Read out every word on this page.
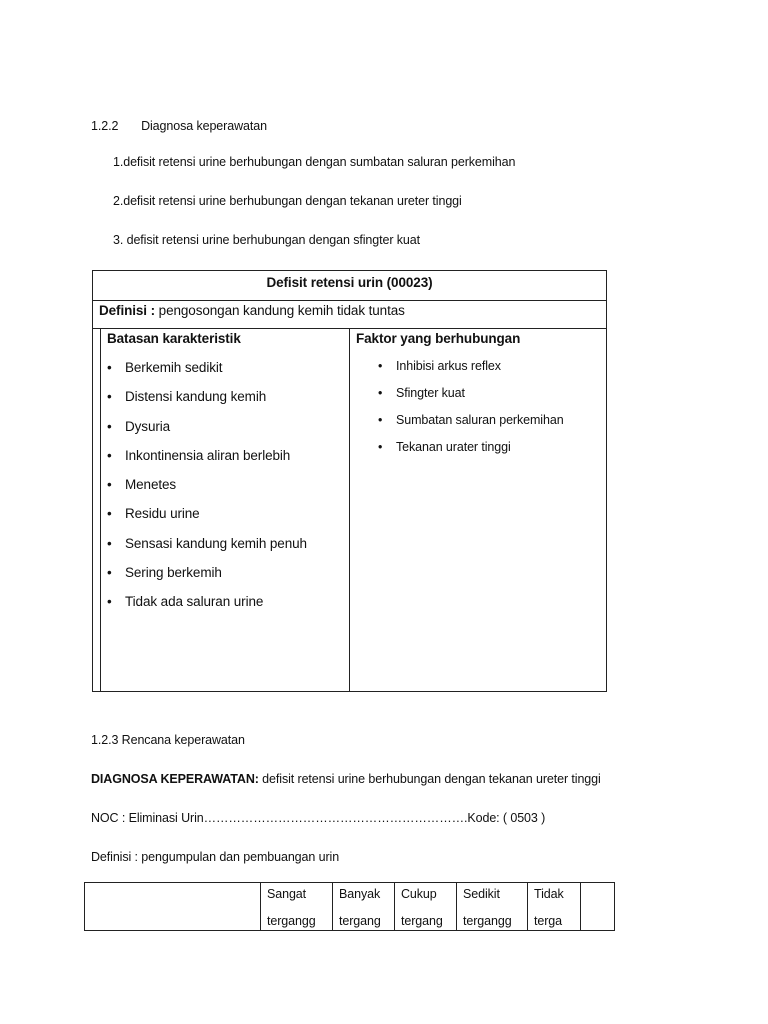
1.2.2 Diagnosa keperawatan
1.defisit retensi urine berhubungan dengan sumbatan saluran perkemihan
2.defisit retensi urine berhubungan dengan tekanan ureter tinggi
3. defisit retensi urine berhubungan dengan sfingter kuat
Defisit retensi urin (00023)
Definisi : pengosongan kandung kemih tidak tuntas
Batasan karakteristik
• Berkemih sedikit
• Distensi kandung kemih
• Dysuria
• Inkontinensia aliran berlebih
• Menetes
• Residu urine
• Sensasi kandung kemih penuh
• Sering berkemih
• Tidak ada saluran urine
Faktor yang berhubungan
• Inhibisi arkus reflex
• Sfingter kuat
• Sumbatan saluran perkemihan
• Tekanan urater tinggi
1.2.3 Rencana keperawatan
DIAGNOSA KEPERAWATAN: defisit retensi urine berhubungan dengan tekanan ureter tinggi
NOC : Eliminasi Urin……………………………………………………….Kode: ( 0503 )
Definisi : pengumpulan dan pembuangan urin
Sangat
tergangg
Banyak
tergang
Cukup
tergang
Sedikit
tergangg
Tidak
terga
